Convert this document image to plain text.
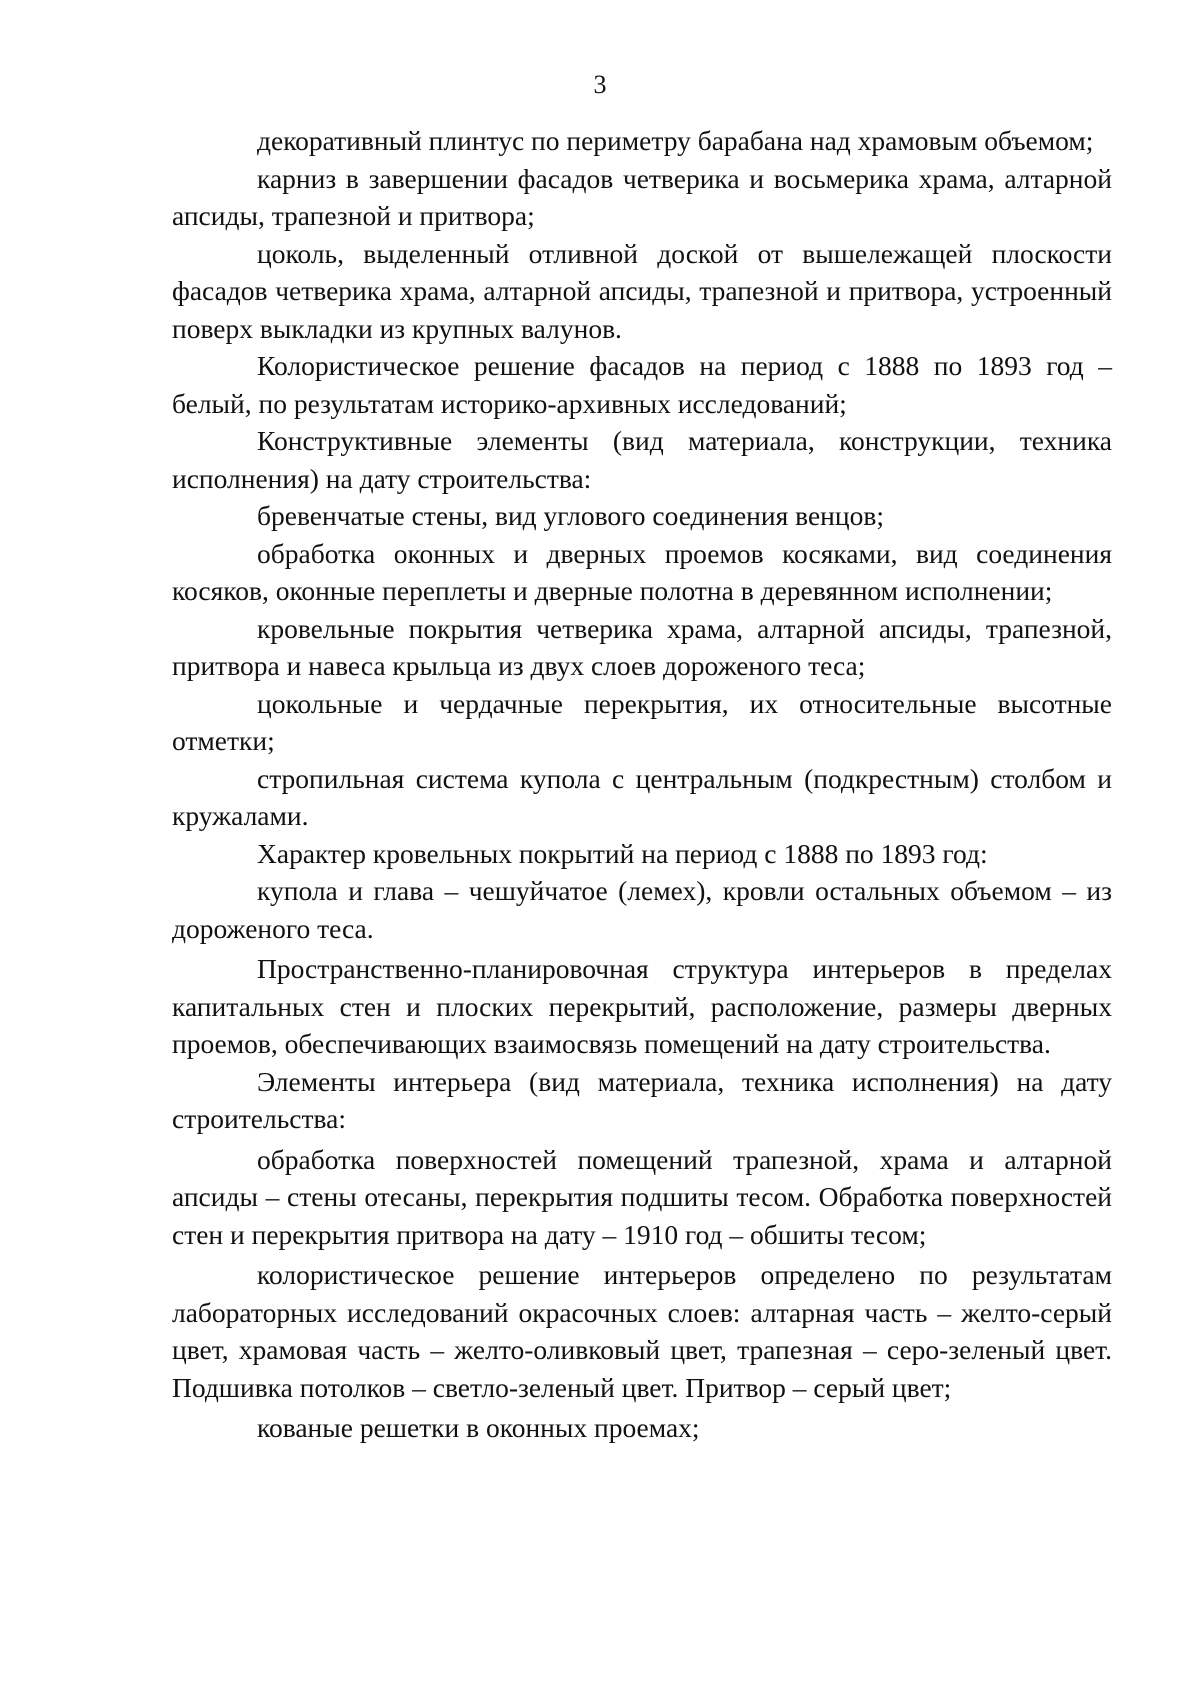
3

декоративный плинтус по периметру барабана над храмовым объемом;

карниз в завершении фасадов четверика и восьмерика храма, алтарной апсиды, трапезной и притвора;

цоколь, выделенный отливной доской от вышележащей плоскости фасадов четверика храма, алтарной апсиды, трапезной и притвора, устроенный поверх выкладки из крупных валунов.

Колористическое решение фасадов на период с 1888 по 1893 год – белый, по результатам историко-архивных исследований;

Конструктивные элементы (вид материала, конструкции, техника исполнения) на дату строительства:

бревенчатые стены, вид углового соединения венцов;

обработка оконных и дверных проемов косяками, вид соединения косяков, оконные переплеты и дверные полотна в деревянном исполнении;

кровельные покрытия четверика храма, алтарной апсиды, трапезной, притвора и навеса крыльца из двух слоев дороженого теса;

цокольные и чердачные перекрытия, их относительные высотные отметки;

стропильная система купола с центральным (подкрестным) столбом и кружалами.

Характер кровельных покрытий на период с 1888 по 1893 год:

купола и глава – чешуйчатое (лемех), кровли остальных объемом – из дороженого теса.

Пространственно-планировочная структура интерьеров в пределах капитальных стен и плоских перекрытий, расположение, размеры дверных проемов, обеспечивающих взаимосвязь помещений на дату строительства.

Элементы интерьера (вид материала, техника исполнения) на дату строительства:

обработка поверхностей помещений трапезной, храма и алтарной апсиды – стены отесаны, перекрытия подшиты тесом. Обработка поверхностей стен и перекрытия притвора на дату – 1910 год – обшиты тесом;

колористическое решение интерьеров определено по результатам лабораторных исследований окрасочных слоев: алтарная часть – желто-серый цвет, храмовая часть – желто-оливковый цвет, трапезная – серо-зеленый цвет. Подшивка потолков – светло-зеленый цвет. Притвор – серый цвет;

кованые решетки в оконных проемах;
